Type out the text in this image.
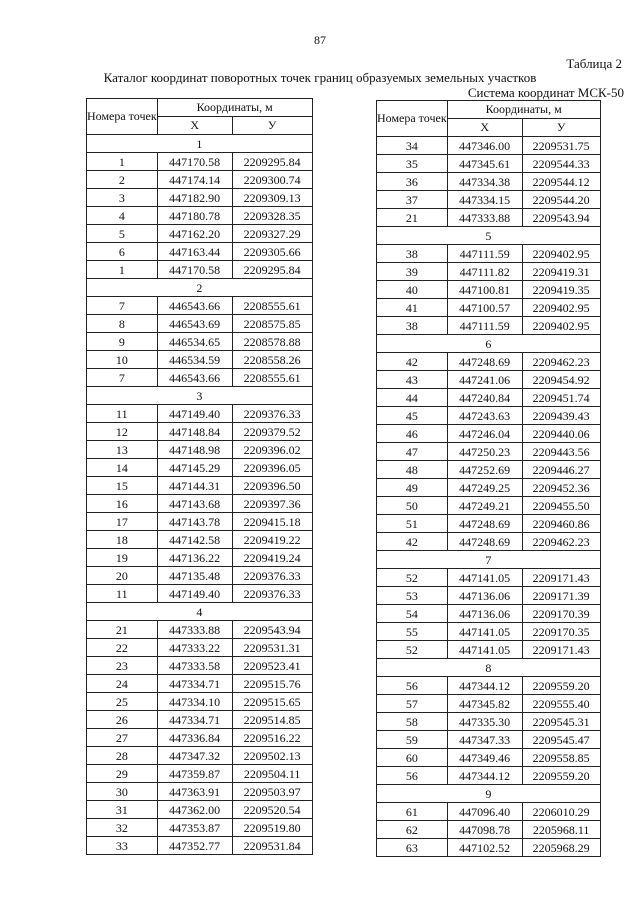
87
Таблица 2
Каталог координат поворотных точек границ образуемых земельных участков
Система координат МСК-50
Номера точек	Координаты, м	
	X	У
1		
1	447170.58	2209295.84
2	447174.14	2209300.74
3	447182.90	2209309.13
4	447180.78	2209328.35
5	447162.20	2209327.29
6	447163.44	2209305.66
1	447170.58	2209295.84
2		
7	446543.66	2208555.61
8	446543.69	2208575.85
9	446534.65	2208578.88
10	446534.59	2208558.26
7	446543.66	2208555.61
3		
11	447149.40	2209376.33
12	447148.84	2209379.52
13	447148.98	2209396.02
14	447145.29	2209396.05
15	447144.31	2209396.50
16	447143.68	2209397.36
17	447143.78	2209415.18
18	447142.58	2209419.22
19	447136.22	2209419.24
20	447135.48	2209376.33
11	447149.40	2209376.33
4		
21	447333.88	2209543.94
22	447333.22	2209531.31
23	447333.58	2209523.41
24	447334.71	2209515.76
25	447334.10	2209515.65
26	447334.71	2209514.85
27	447336.84	2209516.22
28	447347.32	2209502.13
29	447359.87	2209504.11
30	447363.91	2209503.97
31	447362.00	2209520.54
32	447353.87	2209519.80
33	447352.77	2209531.84
Номера точек	Координаты, м	
	X	У
34	447346.00	2209531.75
35	447345.61	2209544.33
36	447334.38	2209544.12
37	447334.15	2209544.20
21	447333.88	2209543.94
5		
38	447111.59	2209402.95
39	447111.82	2209419.31
40	447100.81	2209419.35
41	447100.57	2209402.95
38	447111.59	2209402.95
6		
42	447248.69	2209462.23
43	447241.06	2209454.92
44	447240.84	2209451.74
45	447243.63	2209439.43
46	447246.04	2209440.06
47	447250.23	2209443.56
48	447252.69	2209446.27
49	447249.25	2209452.36
50	447249.21	2209455.50
51	447248.69	2209460.86
42	447248.69	2209462.23
7		
52	447141.05	2209171.43
53	447136.06	2209171.39
54	447136.06	2209170.39
55	447141.05	2209170.35
52	447141.05	2209171.43
8		
56	447344.12	2209559.20
57	447345.82	2209555.40
58	447335.30	2209545.31
59	447347.33	2209545.47
60	447349.46	2209558.85
56	447344.12	2209559.20
9		
61	447096.40	2206010.29
62	447098.78	2205968.11
63	447102.52	2205968.29
